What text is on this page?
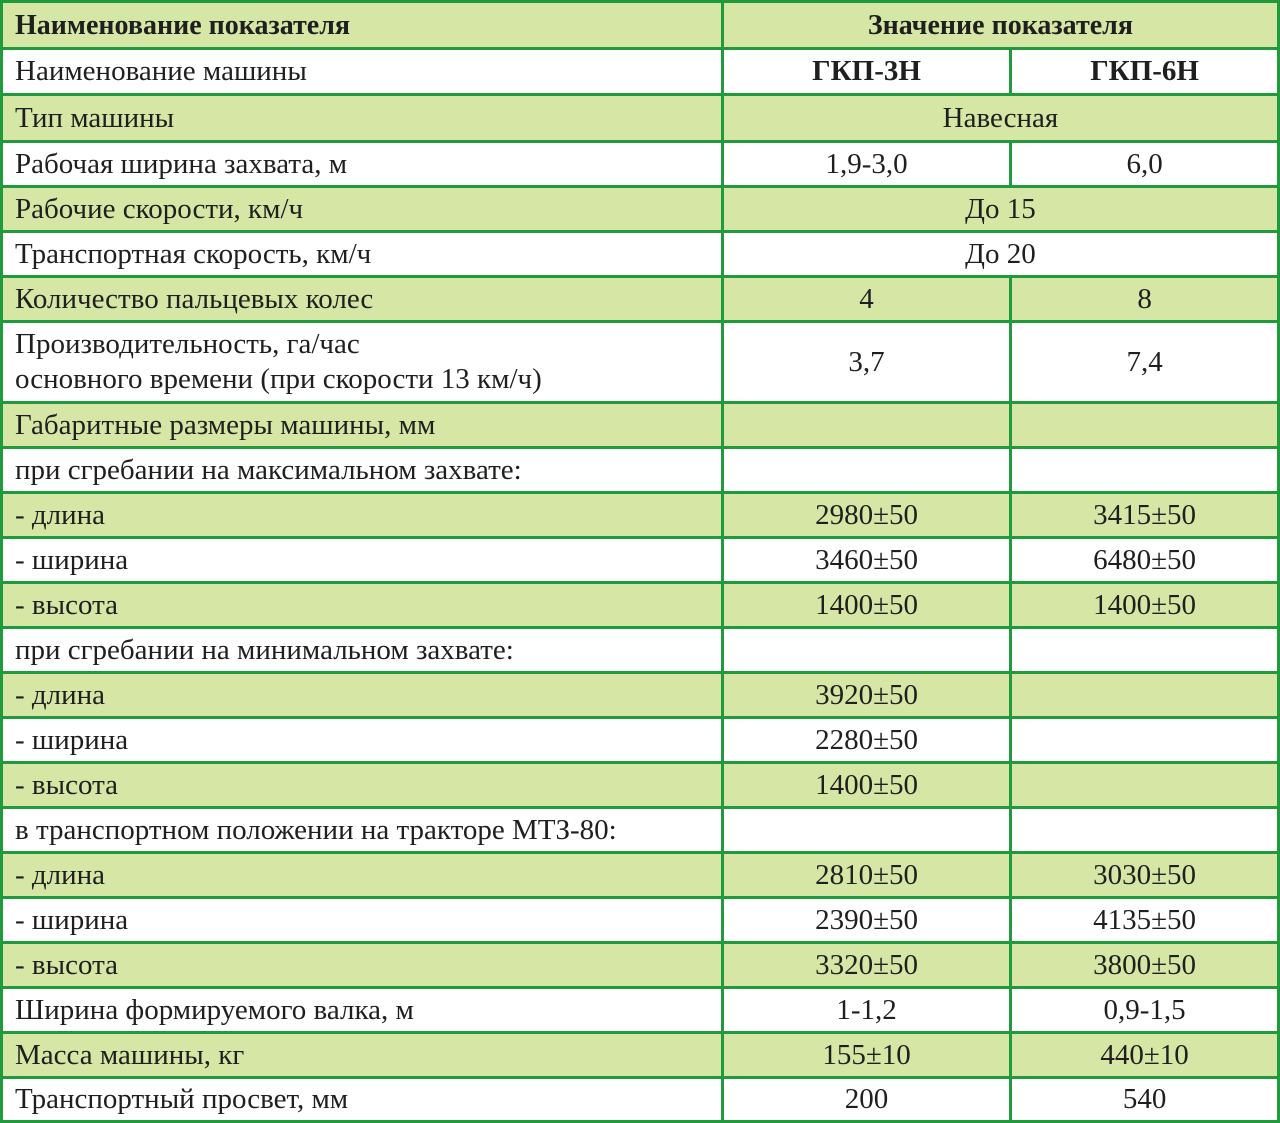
Наименование показателя	Значение показателя	
Наименование машины	ГКП-3Н	ГКП-6Н
Тип машины	Навесная	
Рабочая ширина захвата, м	1,9-3,0	6,0
Рабочие скорости, км/ч	До 15	
Транспортная скорость, км/ч	До 20	
Количество пальцевых колес	4	8
Производительность, га/час
основного времени (при скорости 13 км/ч)	3,7	7,4
Габаритные размеры машины, мм		
при сгребании на максимальном захвате:		
- длина	2980±50	3415±50
- ширина	3460±50	6480±50
- высота	1400±50	1400±50
при сгребании на минимальном захвате:		
- длина	3920±50	
- ширина	2280±50	
- высота	1400±50	
в транспортном положении на тракторе МТЗ-80:		
- длина	2810±50	3030±50
- ширина	2390±50	4135±50
- высота	3320±50	3800±50
Ширина формируемого валка, м	1-1,2	0,9-1,5
Масса машины, кг	155±10	440±10
Транспортный просвет, мм	200	540
